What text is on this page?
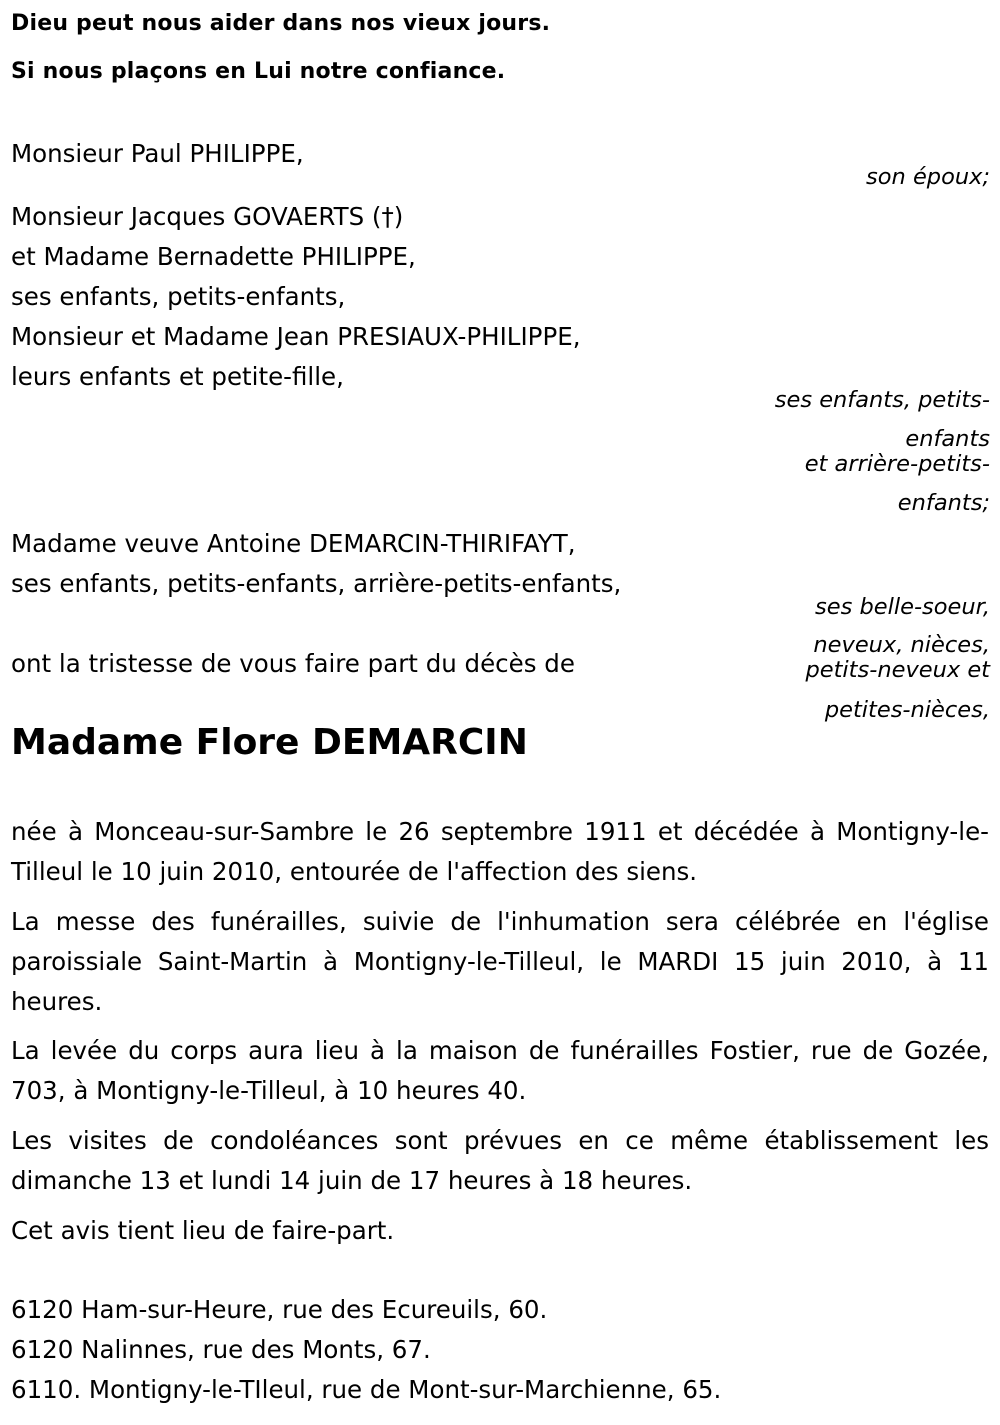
Dieu peut nous aider dans nos vieux jours.
Si nous plaçons en Lui notre confiance.
Monsieur Paul PHILIPPE,
son époux;
Monsieur Jacques GOVAERTS (†)
et Madame Bernadette PHILIPPE,
ses enfants, petits-enfants,
Monsieur et Madame Jean PRESIAUX-PHILIPPE,
leurs enfants et petite-fille,
ses enfants, petits-
enfants
et arrière-petits-
enfants;
Madame veuve Antoine DEMARCIN-THIRIFAYT,
ses enfants, petits-enfants, arrière-petits-enfants,
ses belle-soeur,
neveux, nièces,
petits-neveux et
petites-nièces,
ont la tristesse de vous faire part du décès de
Madame Flore DEMARCIN
née à Monceau-sur-Sambre le 26 septembre 1911 et décédée à Montigny-le-Tilleul le 10 juin 2010, entourée de l'affection des siens.
La messe des funérailles, suivie de l'inhumation sera célébrée en l'église paroissiale Saint-Martin à Montigny-le-Tilleul, le MARDI 15 juin 2010, à 11 heures.
La levée du corps aura lieu à la maison de funérailles Fostier, rue de Gozée, 703, à Montigny-le-Tilleul, à 10 heures 40.
Les visites de condoléances sont prévues en ce même établissement les dimanche 13 et lundi 14 juin de 17 heures à 18 heures.
Cet avis tient lieu de faire-part.
6120 Ham-sur-Heure, rue des Ecureuils, 60.
6120 Nalinnes, rue des Monts, 67.
6110. Montigny-le-TIleul, rue de Mont-sur-Marchienne, 65.
